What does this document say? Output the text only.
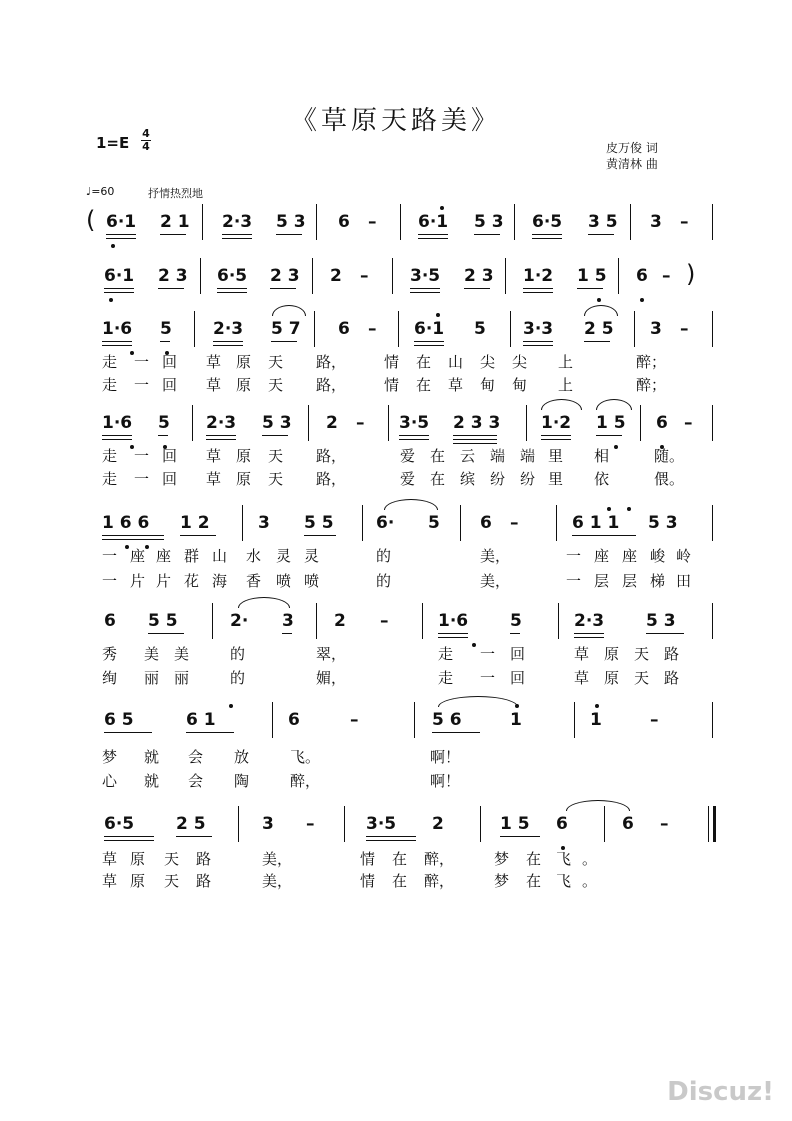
《草原天路美》
1=E
4
4	皮万俊 词
黄清林 曲
♩=60	抒情热烈地
6·1 2 1 2·3 5 3 6 – 6·1 5 3 6·5 3 5 3 –
(
6·1 2 3 6·5 2 3 2 – 3·5 2 3 1·2 1 5 6 – )
1·6 5 2·3 5 7 6 – 6·1 5 3·3 2 5 3 –
走 一 回 草 原 天 路，	情 在 山 尖 尖 上	醉；
走 一 回 草 原 天 路，	情 在 草 甸 甸 上	醉；
1·6 5 2·3 5 3 2 – 3·5 2 3 3 1·2 1 5 6 –
走 一 回 草 原 天 路，	爱 在 云 端 端 里 相	随。
走 一 回 草 原 天 路，	爱 在 缤 纷 纷 里 依	偎。
1 6 6 1 2	3 5 5 6· 5 6 –	6 1 1 5 3
一 座 座 群 山 水 灵 灵	的	美，	一 座 座 峻 岭
一 片 片 花 海 香 喷 喷	的	美，	一 层 层 梯 田
6 5 5	2· 3 2 –	1·6 5	2·3 5 3
秀 美 美	的	翠，	走 一 回	草 原 天 路
绚 丽 丽	的	媚，	走 一 回	草 原 天 路
6 5	6 1	6	–	5 6	1	1	–
梦 就 会 放	飞。	啊！
心 就 会 陶	醉，	啊！
6·5 2 5	3 –	3·5 2	1 5 6	6 –
草 原 天 路	美，	情 在 醉，	梦 在 飞 。
草 原 天 路	美，	情 在 醉，	梦 在 飞 。
Discuz!
